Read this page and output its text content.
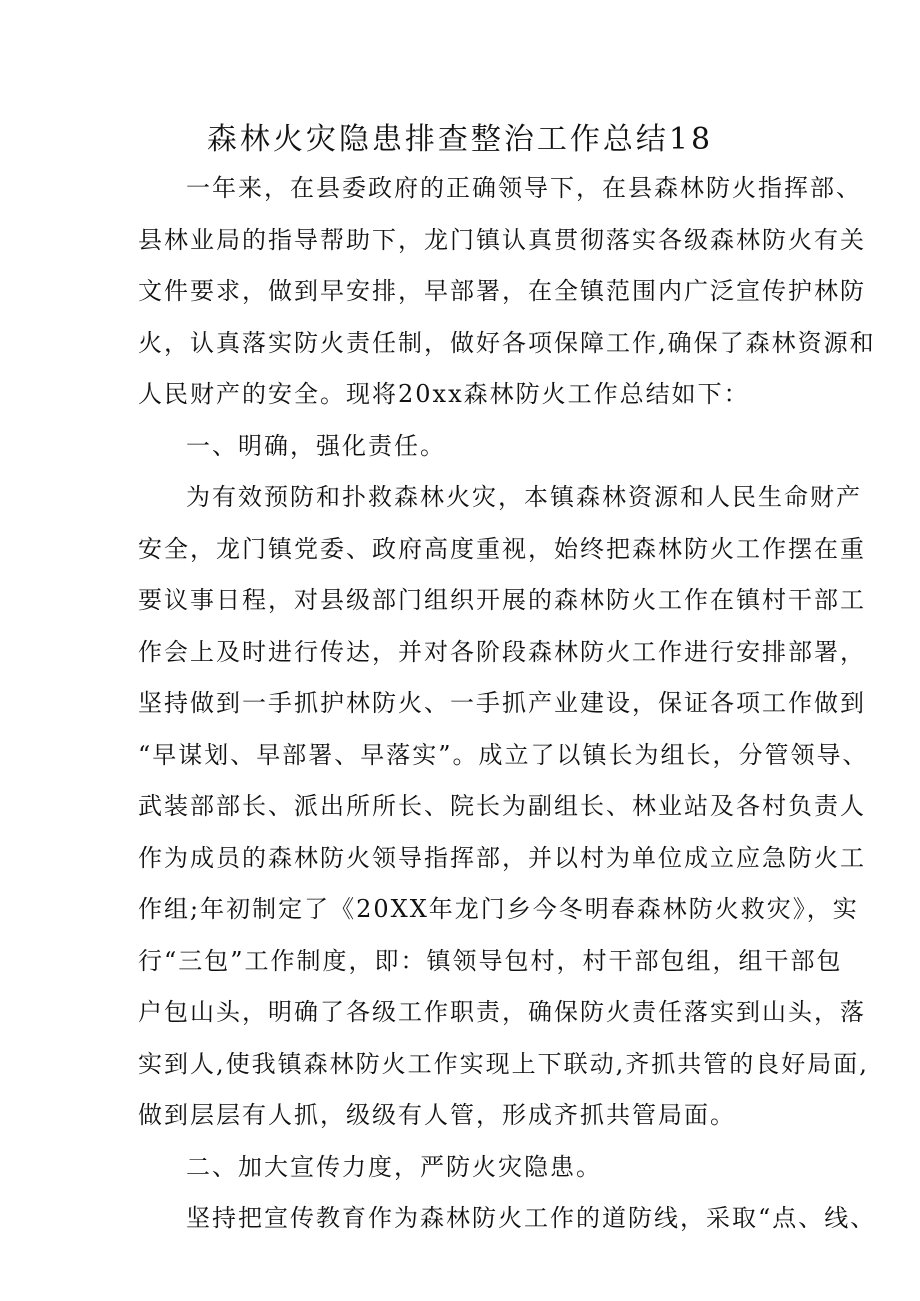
森林火灾隐患排查整治工作总结18

一年来，在县委政府的正确领导下，在县森林防火指挥部、

县林业局的指导帮助下，龙门镇认真贯彻落实各级森林防火有关

文件要求，做到早安排，早部署，在全镇范围内广泛宣传护林防

火，认真落实防火责任制，做好各项保障工作,确保了森林资源和

人民财产的安全。现将20xx森林防火工作总结如下：

一、明确，强化责任。

为有效预防和扑救森林火灾，本镇森林资源和人民生命财产

安全，龙门镇党委、政府高度重视，始终把森林防火工作摆在重

要议事日程，对县级部门组织开展的森林防火工作在镇村干部工

作会上及时进行传达，并对各阶段森林防火工作进行安排部署，

坚持做到一手抓护林防火、一手抓产业建设，保证各项工作做到

“早谋划、早部署、早落实”。成立了以镇长为组长，分管领导、

武装部部长、派出所所长、院长为副组长、林业站及各村负责人

作为成员的森林防火领导指挥部，并以村为单位成立应急防火工

作组;年初制定了《20XX年龙门乡今冬明春森林防火救灾》，实

行“三包”工作制度，即：镇领导包村，村干部包组，组干部包

户包山头，明确了各级工作职责，确保防火责任落实到山头，落

实到人,使我镇森林防火工作实现上下联动,齐抓共管的良好局面,

做到层层有人抓，级级有人管，形成齐抓共管局面。

二、加大宣传力度，严防火灾隐患。

坚持把宣传教育作为森林防火工作的道防线，采取“点、线、
